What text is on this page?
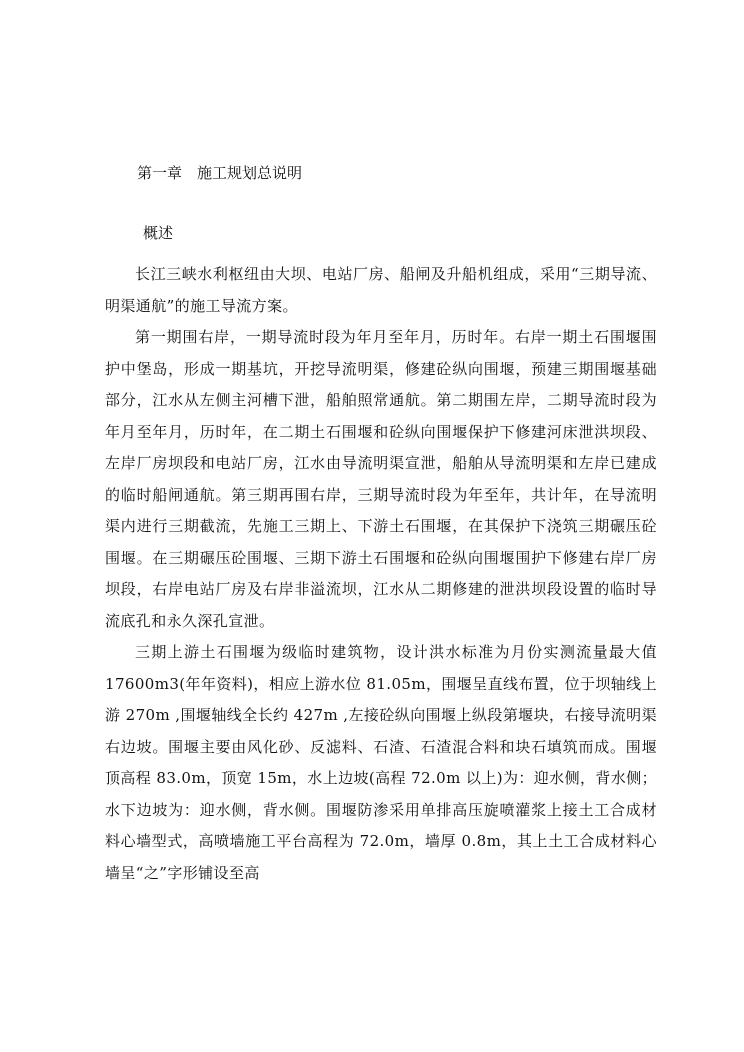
第一章　施工规划总说明
概述

长江三峡水利枢纽由大坝、电站厂房、船闸及升船机组成，采用“三期导流、明渠通航”的施工导流方案。

第一期围右岸，一期导流时段为年月至年月，历时年。右岸一期土石围堰围护中堡岛，形成一期基坑，开挖导流明渠，修建砼纵向围堰，预建三期围堰基础部分，江水从左侧主河槽下泄，船舶照常通航。第二期围左岸，二期导流时段为年月至年月，历时年，在二期土石围堰和砼纵向围堰保护下修建河床泄洪坝段、左岸厂房坝段和电站厂房，江水由导流明渠宣泄，船舶从导流明渠和左岸已建成的临时船闸通航。第三期再围右岸，三期导流时段为年至年，共计年，在导流明渠内进行三期截流，先施工三期上、下游土石围堰，在其保护下浇筑三期碾压砼围堰。在三期碾压砼围堰、三期下游土石围堰和砼纵向围堰围护下修建右岸厂房坝段，右岸电站厂房及右岸非溢流坝，江水从二期修建的泄洪坝段设置的临时导流底孔和永久深孔宣泄。

三期上游土石围堰为级临时建筑物，设计洪水标准为月份实测流量最大值17600m3(年年资料)，相应上游水位 81.05m，围堰呈直线布置，位于坝轴线上游 270m ,围堰轴线全长约 427m ,左接砼纵向围堰上纵段第堰块，右接导流明渠右边坡。围堰主要由风化砂、反滤料、石渣、石渣混合料和块石填筑而成。围堰顶高程 83.0m，顶宽 15m，水上边坡(高程 72.0m 以上)为：迎水侧，背水侧；水下边坡为：迎水侧，背水侧。围堰防渗采用单排高压旋喷灌浆上接土工合成材料心墙型式，高喷墙施工平台高程为 72.0m，墙厚 0.8m，其上土工合成材料心墙呈“之”字形铺设至高
